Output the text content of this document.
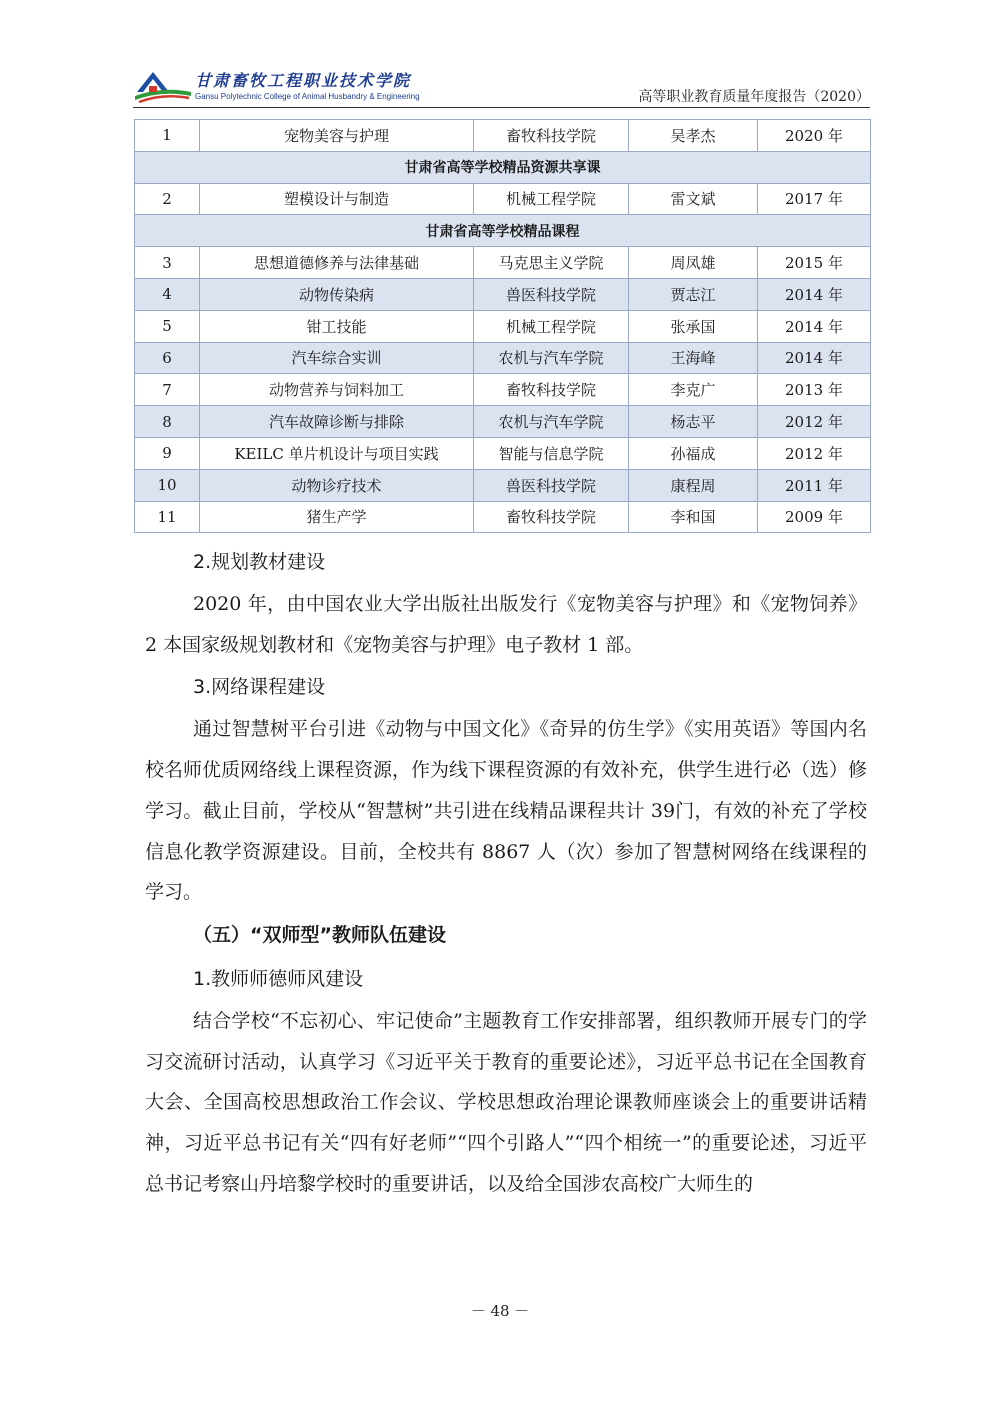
甘肃畜牧工程职业技术学院
Gansu Polytechnic College of Animal Husbandry & Engineering	高等职业教育质量年度报告（2020）
1	宠物美容与护理	畜牧科技学院	吴孝杰	2020 年
甘肃省高等学校精品资源共享课				
2	塑模设计与制造	机械工程学院	雷文斌	2017 年
甘肃省高等学校精品课程				
3	思想道德修养与法律基础	马克思主义学院	周凤雄	2015 年
4	动物传染病	兽医科技学院	贾志江	2014 年
5	钳工技能	机械工程学院	张承国	2014 年
6	汽车综合实训	农机与汽车学院	王海峰	2014 年
7	动物营养与饲料加工	畜牧科技学院	李克广	2013 年
8	汽车故障诊断与排除	农机与汽车学院	杨志平	2012 年
9	KEILC 单片机设计与项目实践	智能与信息学院	孙福成	2012 年
10	动物诊疗技术	兽医科技学院	康程周	2011 年
11	猪生产学	畜牧科技学院	李和国	2009 年
2.规划教材建设

2020 年，由中国农业大学出版社出版发行《宠物美容与护理》和《宠物饲养》2 本国家级规划教材和《宠物美容与护理》电子教材 1 部。

3.网络课程建设

通过智慧树平台引进《动物与中国文化》《奇异的仿生学》《实用英语》等国内名校名师优质网络线上课程资源，作为线下课程资源的有效补充，供学生进行必（选）修学习。截止目前，学校从“智慧树”共引进在线精品课程共计 39门，有效的补充了学校信息化教学资源建设。目前，全校共有 8867 人（次）参加了智慧树网络在线课程的学习。

（五）“双师型”教师队伍建设
1.教师师德师风建设

结合学校“不忘初心、牢记使命”主题教育工作安排部署，组织教师开展专门的学习交流研讨活动，认真学习《习近平关于教育的重要论述》，习近平总书记在全国教育大会、全国高校思想政治工作会议、学校思想政治理论课教师座谈会上的重要讲话精神，习近平总书记有关“四有好老师”“四个引路人”“四个相统一”的重要论述，习近平总书记考察山丹培黎学校时的重要讲话，以及给全国涉农高校广大师生的

－ 48 －
